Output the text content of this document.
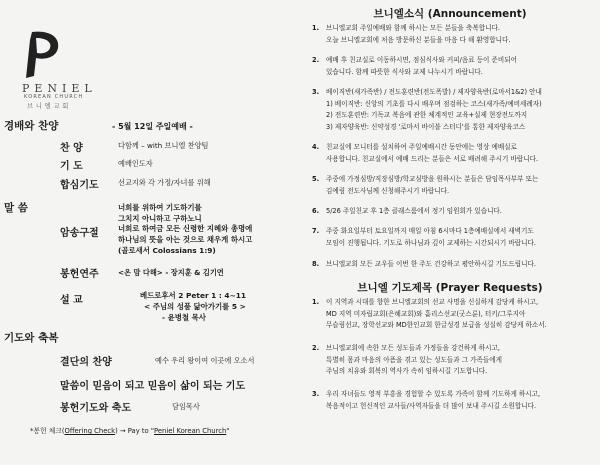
PENIEL
KOREAN CHURCH
브니엘교회
경배와 찬양	- 5월 12일 주일예배 -
찬 양	다함께 – with 브니엘 찬양팀
기 도	예배인도자
합심기도	선교지와 각 가정/자녀를 위해
말 씀
암송구절
너희를 위하여 기도하기를
그치지 아니하고 구하노니
너희로 하여금 모든 신령한 지혜와 총명에
하나님의 뜻을 아는 것으로 채우게 하시고
(골로새서 Colossians 1:9)
봉헌연주	<온 맘 다해> - 장지훈 & 김기연
설 교	베드로후서 2 Peter 1 : 4~11
< 주님의 성품 닮아가기를 5 >
- 윤병철 목사
기도와 축복
결단의 찬양	예수 우리 왕이여 이곳에 오소서
말씀이 믿음이 되고 믿음이 삶이 되는 기도
봉헌기도와 축도	담임목사
*봉헌 체크(Offering Check) → Pay to "Peniel Korean Church"
브니엘소식 (Announcement)
1. 브니엘교회 주일예배와 함께 하시는 모든 분들을 축복합니다.
오늘 브니엘교회에 처음 방문하신 분들을 마음 다 해 환영합니다.
2. 예배 후 친교실로 이동하시면, 점심식사와 커피/음료 등이 준비되어
있습니다. 함께 따뜻한 식사와 교제 나누시기 바랍니다.
3. 베이직반(새가족반) / 전도훈련반(전도폭발) / 제자양육반(로마서1&2) 안내
1) 베이직반: 신앙의 기초를 다시 배우며 점검하는 코스(새가족/예비세례자)
2) 전도훈련반: 기독교 복음에 관한 체계적인 교육+실제 현장전도까지
3) 제자양육반: 신약성경 '로마서 바이블 스터디'를 통한 제자양육코스
4. 친교실에 모니터를 설치하여 주일예배시간 동안에는 영상 예배실로
사용합니다. 친교실에서 예배 드리는 분들은 서로 배려해 주시기 바랍니다.
5. 주중에 가정심방/직장심방/학교심방을 원하시는 분들은 담임목사부부 또는
김예림 전도사님께 신청해주시기 바랍니다.
6. 5/26 주일친교 후 1층 클래스룸에서 정기 임원회가 있습니다.
7. 주중 화요일부터 토요일까지 매일 아침 6시마다 1층예배실에서 새벽기도
모임이 진행됩니다. 기도로 하나님과 깊이 교제하는 시간되시기 바랍니다.
8. 브니엘교회 모든 교우들 이번 한 주도 건강하고 평안하시길 기도드립니다.
브니엘 기도제목 (Prayer Requests)
1. 이 지역과 시대를 향한 브니엘교회의 선교 사명을 신실하게 감당케 하시고,
MD 지역 미자립교회(은혜교회)와 흩리스선교(굿스룬), 터키/그루지아
무슬림선교, 장학선교와 MD한인교회 한글성경 보급을 성실히 감당케 하소서.
2. 브니엘교회에 속한 모든 성도들과 가정들을 강건하게 하시고,
특별히 몸과 마음의 아픔을 겪고 있는 성도들과 그 가족들에게
주님의 치유와 회복의 역사가 속히 임하시길 기도합니다.
3. 우리 자녀들도 영적 부흥을 경험할 수 있도록 가족이 함께 기도하게 하시고,
복음적이고 헌신적인 교사들/사역자들을 더 많이 보내 주시길 소원합니다.
